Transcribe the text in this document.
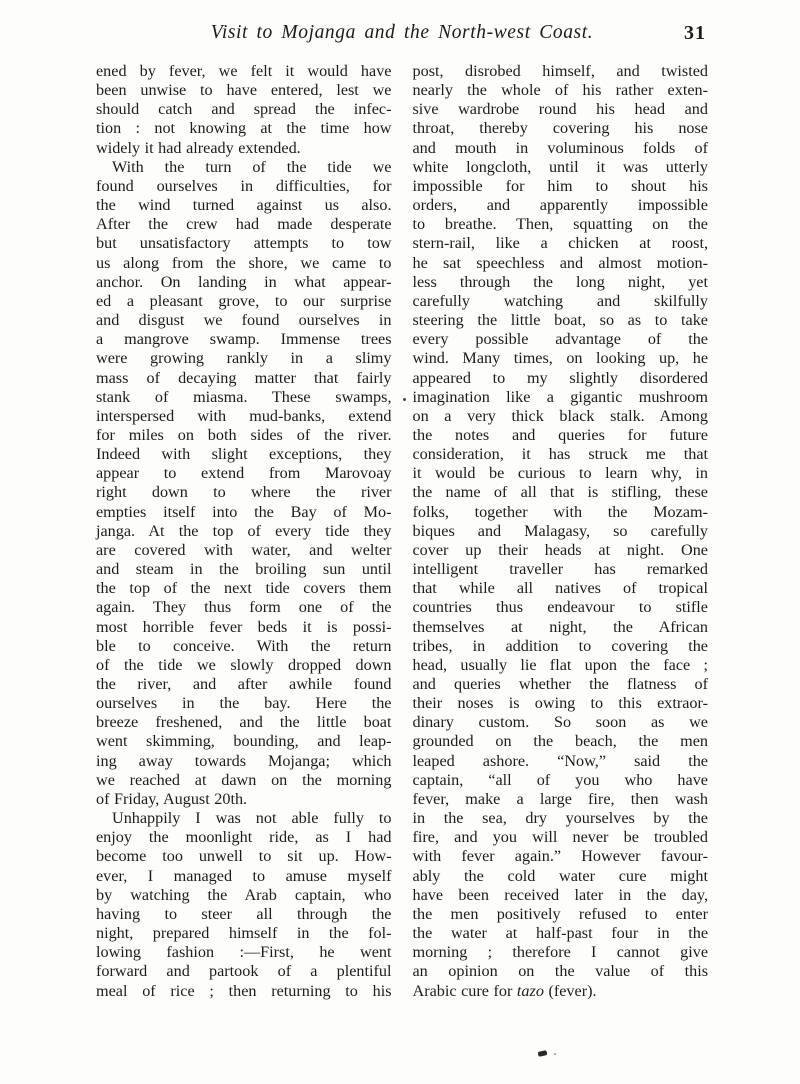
Visit to Mojanga and the North-west Coast.	31
ened by fever, we felt it would have
been unwise to have entered, lest we
should catch and spread the infec-
tion : not knowing at the time how
widely it had already extended.
With the turn of the tide we
found ourselves in difficulties, for
the wind turned against us also.
After the crew had made desperate
but unsatisfactory attempts to tow
us along from the shore, we came to
anchor. On landing in what appear-
ed a pleasant grove, to our surprise
and disgust we found ourselves in
a mangrove swamp. Immense trees
were growing rankly in a slimy
mass of decaying matter that fairly
stank of miasma. These swamps,
interspersed with mud-banks, extend
for miles on both sides of the river.
Indeed with slight exceptions, they
appear to extend from Marovoay
right down to where the river
empties itself into the Bay of Mo-
janga. At the top of every tide they
are covered with water, and welter
and steam in the broiling sun until
the top of the next tide covers them
again. They thus form one of the
most horrible fever beds it is possi-
ble to conceive. With the return
of the tide we slowly dropped down
the river, and after awhile found
ourselves in the bay. Here the
breeze freshened, and the little boat
went skimming, bounding, and leap-
ing away towards Mojanga; which
we reached at dawn on the morning
of Friday, August 20th.
Unhappily I was not able fully to
enjoy the moonlight ride, as I had
become too unwell to sit up. How-
ever, I managed to amuse myself
by watching the Arab captain, who
having to steer all through the
night, prepared himself in the fol-
lowing fashion :—First, he went
forward and partook of a plentiful
meal of rice ; then returning to his
post, disrobed himself, and twisted
nearly the whole of his rather exten-
sive wardrobe round his head and
throat, thereby covering his nose
and mouth in voluminous folds of
white longcloth, until it was utterly
impossible for him to shout his
orders, and apparently impossible
to breathe. Then, squatting on the
stern-rail, like a chicken at roost,
he sat speechless and almost motion-
less through the long night, yet
carefully watching and skilfully
steering the little boat, so as to take
every possible advantage of the
wind. Many times, on looking up, he
appeared to my slightly disordered
imagination like a gigantic mushroom
on a very thick black stalk. Among
the notes and queries for future
consideration, it has struck me that
it would be curious to learn why, in
the name of all that is stifling, these
folks, together with the Mozam-
biques and Malagasy, so carefully
cover up their heads at night. One
intelligent traveller has remarked
that while all natives of tropical
countries thus endeavour to stifle
themselves at night, the African
tribes, in addition to covering the
head, usually lie flat upon the face ;
and queries whether the flatness of
their noses is owing to this extraor-
dinary custom. So soon as we
grounded on the beach, the men
leaped ashore. “Now,” said the
captain, “all of you who have
fever, make a large fire, then wash
in the sea, dry yourselves by the
fire, and you will never be troubled
with fever again.” However favour-
ably the cold water cure might
have been received later in the day,
the men positively refused to enter
the water at half-past four in the
morning ; therefore I cannot give
an opinion on the value of this
Arabic cure for tazo (fever).
